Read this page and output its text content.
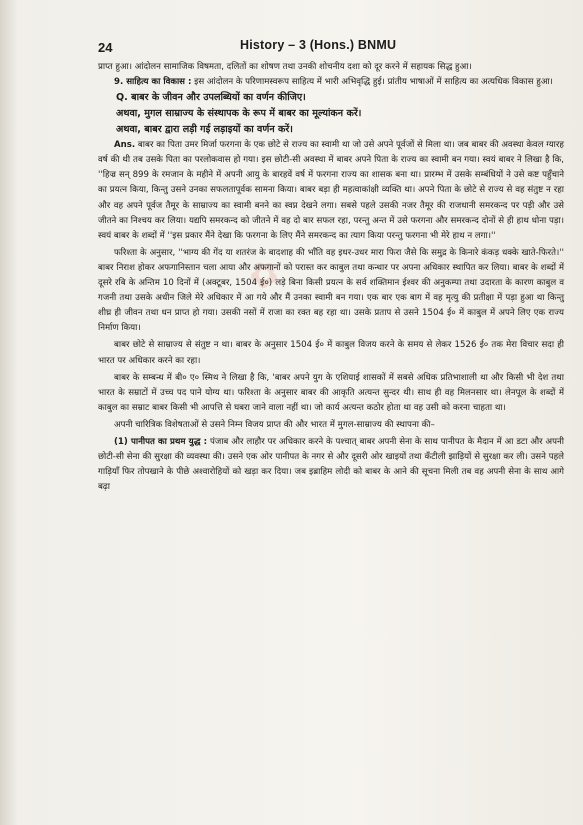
✿
24	History – 3 (Hons.) BNMU

प्राप्त हुआ। आंदोलन सामाजिक विषमता, दलितों का शोषण तथा उनकी शोचनीय दशा को दूर करने में सहायक सिद्ध हुआ।

9. साहित्य का विकास : इस आंदोलन के परिणामस्वरूप साहित्य में भारी अभिवृद्धि हुई। प्रांतीय भाषाओं में साहित्य का अत्यधिक विकास हुआ।

Q. बाबर के जीवन और उपलब्धियों का वर्णन कीजिए।

अथवा, मुगल साम्राज्य के संस्थापक के रूप में बाबर का मूल्यांकन करें।

अथवा, बाबर द्वारा लड़ी गई लड़ाइयों का वर्णन करें।

Ans. बाबर का पिता उमर मिर्जा फरगना के एक छोटे से राज्य का स्वामी था जो उसे अपने पूर्वजों से मिला था। जब बाबर की अवस्था केवल ग्यारह वर्ष की थी तब उसके पिता का परलोकवास हो गया। इस छोटी-सी अवस्था में बाबर अपने पिता के राज्य का स्वामी बन गया। स्वयं बाबर ने लिखा है कि, ''हिज्र सन् 899 के रमजान के महीने में अपनी आयु के बारहवें वर्ष में फरगना राज्य का शासक बना था। प्रारम्भ में उसके सम्बंधियों ने उसे कष्ट पहुँचाने का प्रयत्न किया, किन्तु उसने उनका सफलतापूर्वक सामना किया। बाबर बड़ा ही महत्वाकांक्षी व्यक्ति था। अपने पिता के छोटे से राज्य से वह संतुष्ट न रहा और वह अपने पूर्वज तैमूर के साम्राज्य का स्वामी बनने का स्वप्न देखने लगा। सबसे पहले उसकी नजर तैमूर की राजधानी समरकन्द पर पड़ी और उसे जीतने का निश्चय कर लिया। यद्यपि समरकन्द को जीतने में वह दो बार सफल रहा, परन्तु अन्त में उसे फरगना और समरकन्द दोनों से ही हाथ धोना पड़ा। स्वयं बाबर के शब्दों में ''इस प्रकार मैंने देखा कि फरगना के लिए मैंने समरकन्द का त्याग किया परन्तु फरगना भी मेरे हाथ न लगा।''

फरिश्ता के अनुसार, ''भाग्य की गेंद या शतरंज के बादशाह की भाँति वह इधर-उधर मारा फिरा जैसे कि समुद्र के किनारे कंकड़ धक्के खाते-फिरते।'' बाबर निराश होकर अफगानिस्तान चला आया और अफगानों को परास्त कर काबुल तथा कन्धार पर अपना अधिकार स्थापित कर लिया। बाबर के शब्दों में दूसरे रबि के अन्तिम 10 दिनों में (अक्टूबर, 1504 ई०) लड़े बिना किसी प्रयत्न के सर्व शक्तिमान ईश्वर की अनुकम्पा तथा उदारता के कारण काबुल व गजनी तथा उसके अधीन जिले मेरे अधिकार में आ गये और मैं उनका स्वामी बन गया। एक बार एक बाग में वह मृत्यु की प्रतीक्षा में पड़ा हुआ था किन्तु शीघ्र ही जीवन तथा धन प्राप्त हो गया। उसकी नसों में राजा का रक्त बह रहा था। उसके प्रताप से उसने 1504 ई० में काबुल में अपने लिए एक राज्य निर्माण किया।

बाबर छोटे से साम्राज्य से संतुष्ट न था। बाबर के अनुसार 1504 ई० में काबुल विजय करने के समय से लेकर 1526 ई० तक मेरा विचार सदा ही भारत पर अधिकार करने का रहा।

बाबर के सम्बन्ध में बी० ए० स्मिथ ने लिखा है कि, 'बाबर अपने युग के एशियाई शासकों में सबसे अधिक प्रतिभाशाली था और किसी भी देश तथा भारत के सम्राटों में उच्च पद पाने योग्य था। फरिश्ता के अनुसार बाबर की आकृति अत्यन्त सुन्दर थी। साथ ही वह मिलनसार था। लेनपूल के शब्दों में काबुल का सम्राट बाबर किसी भी आपत्ति से घबरा जाने वाला नहीं था। जो कार्य अत्यन्त कठोर होता था वह उसी को करना चाहता था।

अपनी चारित्रिक विशेषताओं से उसने निम्न विजय प्राप्त की और भारत में मुगल-साम्राज्य की स्थापना की–

(1) पानीपत का प्रथम युद्ध : पंजाब और लाहौर पर अधिकार करने के पश्चात् बाबर अपनी सेना के साथ पानीपत के मैदान में आ डटा और अपनी छोटी-सी सेना की सुरक्षा की व्यवस्था की। उसने एक ओर पानीपत के नगर से और दूसरी ओर खाइयों तथा कँटीली झाड़ियों से सुरक्षा कर ली। उसने पहले गाड़ियाँ फिर तोपखाने के पीछे अश्वारोहियों को खड़ा कर दिया। जब इब्राहिम लोदी को बाबर के आने की सूचना मिली तब वह अपनी सेना के साथ आगे बढ़ा
